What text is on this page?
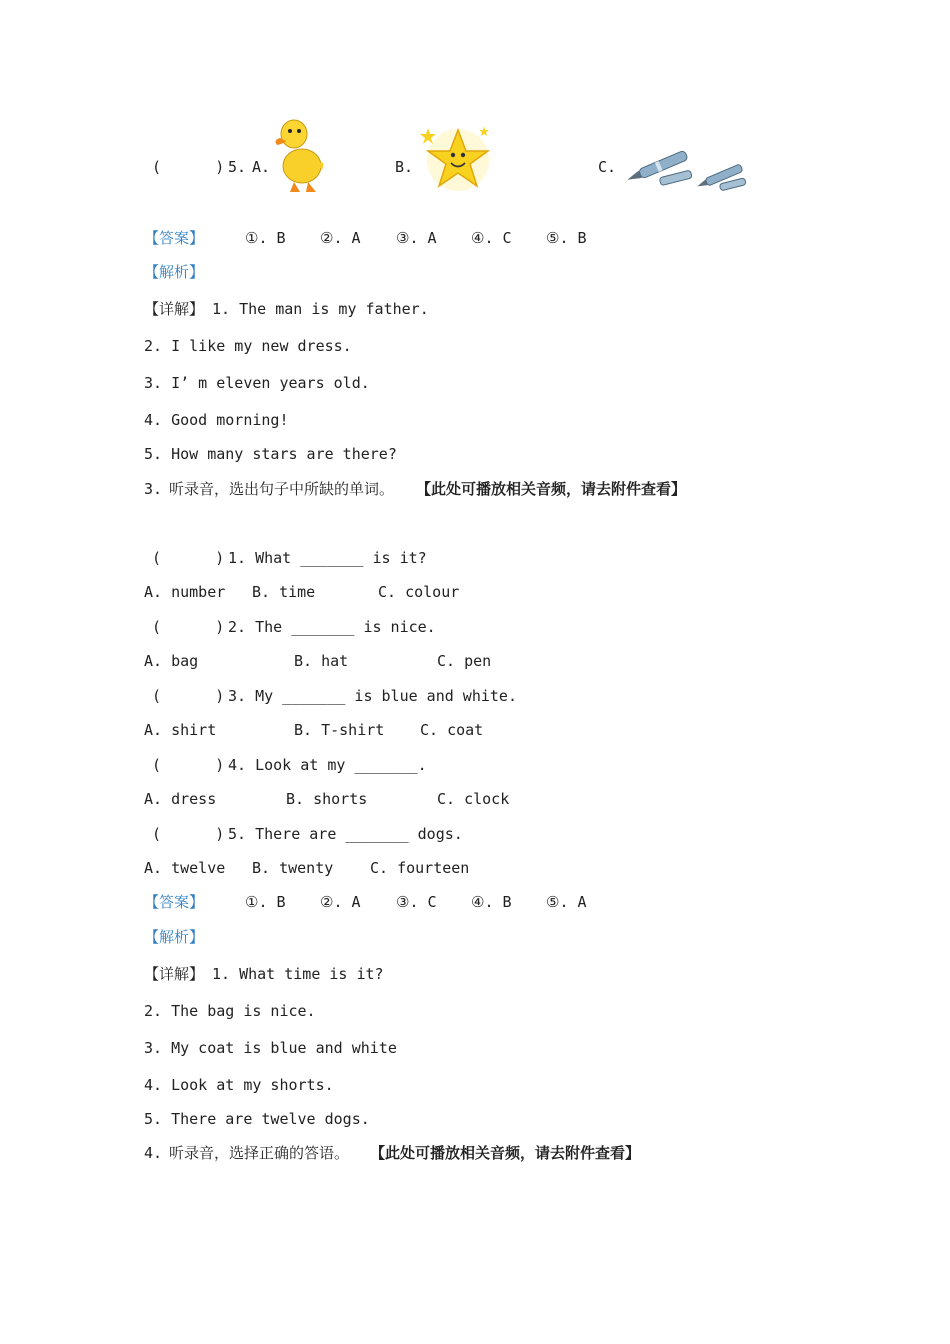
(      ) 5. A.	B.	C.
【答案】	①. B ②. A ③. A ④. C ⑤. B
【解析】
【详解】 1. The man is my father.
2. I like my new dress.
3. I’ m eleven years old.
4. Good morning!
5. How many stars are there?
3. 听录音，选出句子中所缺的单词。 【此处可播放相关音频，请去附件查看】
(      ) 1. What _______ is it?
A. number B. time	C. colour
(      ) 2. The _______ is nice.
A. bag	B. hat	C. pen
(      ) 3. My _______ is blue and white.
A. shirt	B. T-shirt C. coat
(      ) 4. Look at my _______.
A. dress	B. shorts	C. clock
(      ) 5. There are _______ dogs.
A. twelve B. twenty C. fourteen
【答案】	①. B ②. A ③. C ④. B ⑤. A
【解析】
【详解】 1. What time is it?
2. The bag is nice.
3. My coat is blue and white
4. Look at my shorts.
5. There are twelve dogs.
4. 听录音，选择正确的答语。 【此处可播放相关音频，请去附件查看】
